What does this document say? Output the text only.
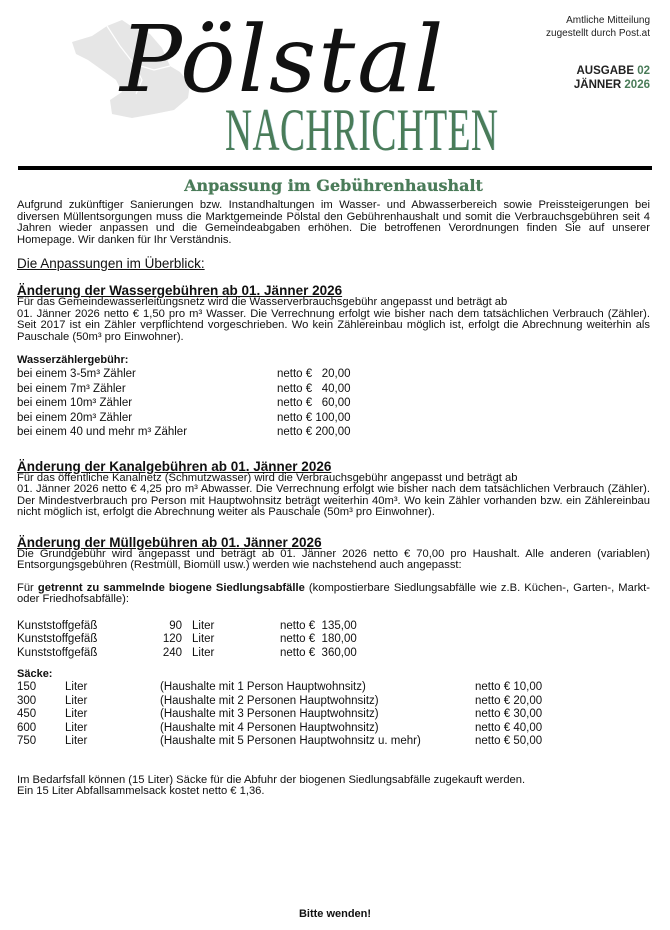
Pölstal
NACHRICHTEN
Amtliche Mitteilung
zugestellt durch Post.at
AUSGABE 02
JÄNNER 2026
Anpassung im Gebührenhaushalt

Aufgrund zukünftiger Sanierungen bzw. Instandhaltungen im Wasser- und Abwasserbereich sowie Preissteigerungen bei diversen Müllentsorgungen muss die Marktgemeinde Pölstal den Gebührenhaushalt und somit die Verbrauchsgebühren seit 4 Jahren wieder anpassen und die Gemeindeabgaben erhöhen. Die betroffenen Verordnungen finden Sie auf unserer Homepage. Wir danken für Ihr Verständnis.

Die Anpassungen im Überblick:
Änderung der Wassergebühren ab 01. Jänner 2026

Für das Gemeindewasserleitungsnetz wird die Wasserverbrauchsgebühr angepasst und beträgt ab

01. Jänner 2026 netto € 1,50 pro m³ Wasser. Die Verrechnung erfolgt wie bisher nach dem tatsächlichen Verbrauch (Zähler). Seit 2017 ist ein Zähler verpflichtend vorgeschrieben. Wo kein Zählereinbau möglich ist, erfolgt die Abrechnung weiterhin als Pauschale (50m³ pro Einwohner).

Wasserzählergebühr:
bei einem 3-5m³ Zähler	netto €   20,00
bei einem 7m³ Zähler	netto €   40,00
bei einem 10m³ Zähler	netto €   60,00
bei einem 20m³ Zähler	netto € 100,00
bei einem 40 und mehr m³ Zähler	netto € 200,00
Änderung der Kanalgebühren ab 01. Jänner 2026

Für das öffentliche Kanalnetz (Schmutzwasser) wird die Verbrauchsgebühr angepasst und beträgt ab

01. Jänner 2026 netto € 4,25 pro m³ Abwasser. Die Verrechnung erfolgt wie bisher nach dem tatsächlichen Verbrauch (Zähler). Der Mindestverbrauch pro Person mit Hauptwohnsitz beträgt weiterhin 40m³. Wo kein Zähler vorhanden bzw. ein Zählereinbau nicht möglich ist, erfolgt die Abrechnung weiter als Pauschale (50m³ pro Einwohner).

Änderung der Müllgebühren ab 01. Jänner 2026

Die Grundgebühr wird angepasst und beträgt ab 01. Jänner 2026 netto € 70,00 pro Haushalt. Alle anderen (variablen) Entsorgungsgebühren (Restmüll, Biomüll usw.) werden wie nachstehend auch angepasst:

Für getrennt zu sammelnde biogene Siedlungsabfälle (kompostierbare Siedlungsabfälle wie z.B. Küchen-, Garten-, Markt- oder Friedhofsabfälle):

Kunststoffgefäß	90 Liter	netto €  135,00
Kunststoffgefäß	120 Liter	netto €  180,00
Kunststoffgefäß	240 Liter	netto €  360,00
Säcke:
150	Liter	(Haushalte mit 1 Person Hauptwohnsitz)	netto € 10,00
300	Liter	(Haushalte mit 2 Personen Hauptwohnsitz)	netto € 20,00
450	Liter	(Haushalte mit 3 Personen Hauptwohnsitz)	netto € 30,00
600	Liter	(Haushalte mit 4 Personen Hauptwohnsitz)	netto € 40,00
750	Liter	(Haushalte mit 5 Personen Hauptwohnsitz u. mehr)	netto € 50,00

Im Bedarfsfall können (15 Liter) Säcke für die Abfuhr der biogenen Siedlungsabfälle zugekauft werden.

Ein 15 Liter Abfallsammelsack kostet netto € 1,36.

Bitte wenden!
